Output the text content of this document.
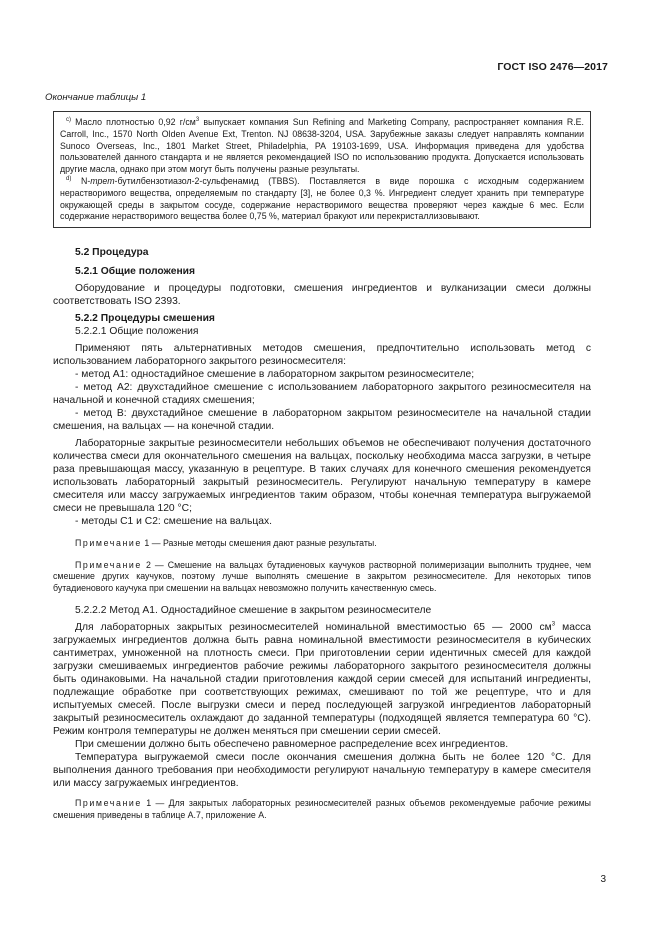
ГОСТ ISO 2476—2017
Окончание таблицы 1

$^{c)}$ Масло плотностью 0,92 $г/см^3$ выпускает компания Sun Refining and Marketing Company, распространяет компания R.E. Carroll, Inc., 1570 North Olden Avenue Ext, Trenton. NJ 08638-3204, USA. Зарубежные заказы следует направлять компании Sunoco Overseas, Inc., 1801 Market Street, Philadelphia, PA 19103-1699, USA. Информация приведена для удобства пользователей данного стандарта и не является рекомендацией ISO по использованию продукта. Допускается использовать другие масла, однако при этом могут быть получены разные результаты.

$^{d)}$ N-трет-бутилбензотиазол-2-сульфенамид (TBBS). Поставляется в виде порошка с исходным содержанием нерастворимого вещества, определяемым по стандарту [3], не более 0,3 %. Ингредиент следует хранить при температуре окружающей среды в закрытом сосуде, содержание нерастворимого вещества проверяют через каждые 6 мес. Если содержание нерастворимого вещества более 0,75 %, материал бракуют или перекристаллизовывают.

5.2 Процедура

5.2.1 Общие положения

Оборудование и процедуры подготовки, смешения ингредиентов и вулканизации смеси должны соответствовать ISO 2393.

5.2.2 Процедуры смешения

5.2.2.1 Общие положения

Применяют пять альтернативных методов смешения, предпочтительно использовать метод с использованием лабораторного закрытого резиносмесителя:

- метод А1: одностадийное смешение в лабораторном закрытом резиносмесителе;

- метод А2: двухстадийное смешение с использованием лабораторного закрытого резиносмесителя на начальной и конечной стадиях смешения;

- метод В: двухстадийное смешение в лабораторном закрытом резиносмесителе на начальной стадии смешения, на вальцах — на конечной стадии.

Лабораторные закрытые резиносмесители небольших объемов не обеспечивают получения достаточного количества смеси для окончательного смешения на вальцах, поскольку необходима масса загрузки, в четыре раза превышающая массу, указанную в рецептуре. В таких случаях для конечного смешения рекомендуется использовать лабораторный закрытый резиносмеситель. Регулируют начальную температуру в камере смесителя или массу загружаемых ингредиентов таким образом, чтобы конечная температура выгружаемой смеси не превышала 120 °С;

- методы С1 и С2: смешение на вальцах.

Примечание 1 — Разные методы смешения дают разные результаты.

Примечание 2 — Смешение на вальцах бутадиеновых каучуков растворной полимеризации выполнить труднее, чем смешение других каучуков, поэтому лучше выполнять смешение в закрытом резиносмесителе. Для некоторых типов бутадиенового каучука при смешении на вальцах невозможно получить качественную смесь.

5.2.2.2 Метод А1. Одностадийное смешение в закрытом резиносмесителе

Для лабораторных закрытых резиносмесителей номинальной вместимостью 65 — 2000 $см^3$ масса загружаемых ингредиентов должна быть равна номинальной вместимости резиносмесителя в кубических сантиметрах, умноженной на плотность смеси. При приготовлении серии идентичных смесей для каждой загрузки смешиваемых ингредиентов рабочие режимы лабораторного закрытого резиносмесителя должны быть одинаковыми. На начальной стадии приготовления каждой серии смесей для испытаний ингредиенты, подлежащие обработке при соответствующих режимах, смешивают по той же рецептуре, что и для испытуемых смесей. После выгрузки смеси и перед последующей загрузкой ингредиентов лабораторный закрытый резиносмеситель охлаждают до заданной температуры (подходящей является температура 60 °С). Режим контроля температуры не должен меняться при смешении серии смесей.

При смешении должно быть обеспечено равномерное распределение всех ингредиентов.

Температура выгружаемой смеси после окончания смешения должна быть не более 120 °С. Для выполнения данного требования при необходимости регулируют начальную температуру в камере смесителя или массу загружаемых ингредиентов.

Примечание 1 — Для закрытых лабораторных резиносмесителей разных объемов рекомендуемые рабочие режимы смешения приведены в таблице А.7, приложение А.

3
